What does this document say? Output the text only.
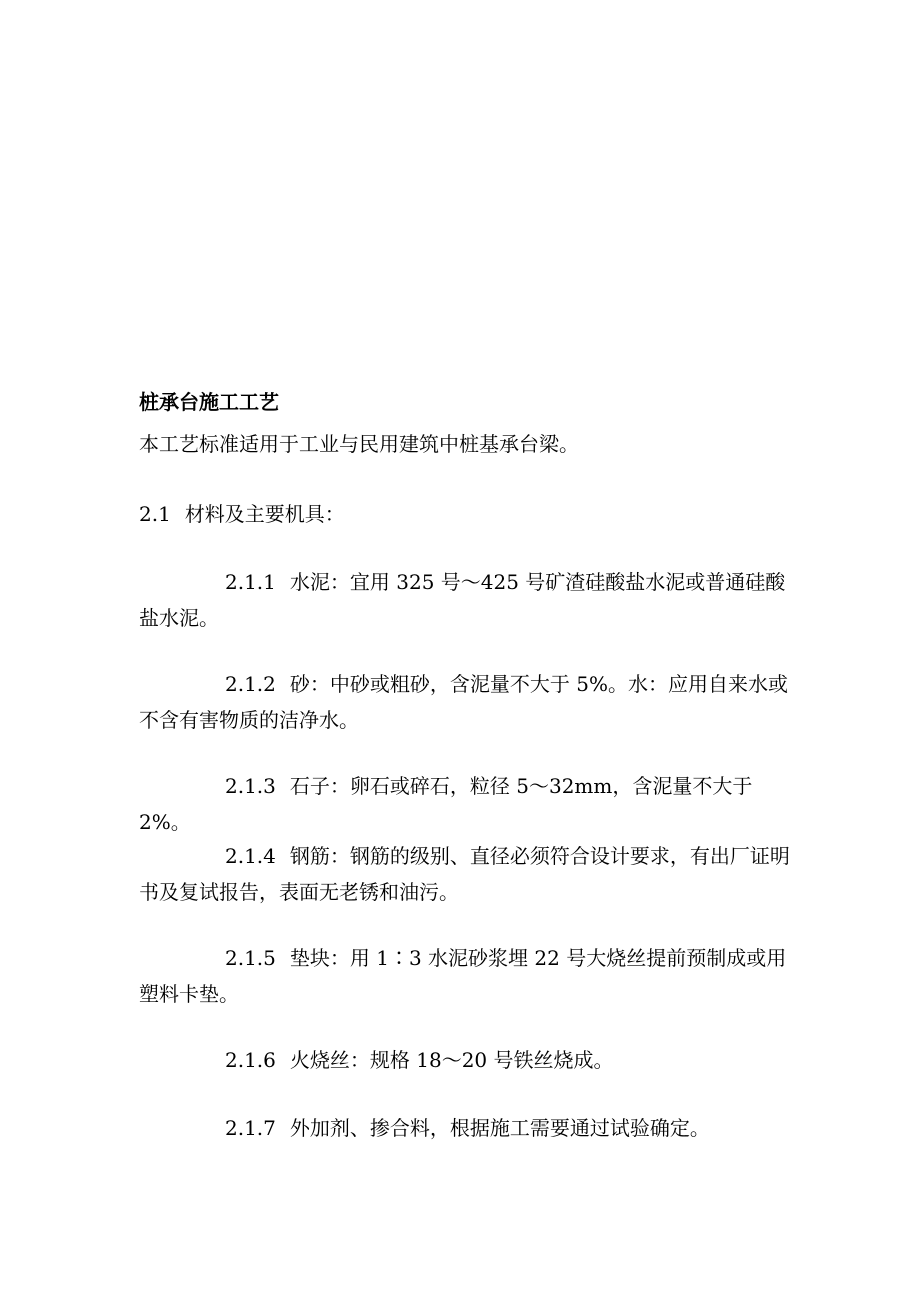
桩承台施工工艺

本工艺标准适用于工业与民用建筑中桩基承台梁。

2.1 材料及主要机具：

2.1.1 水泥：宜用 325 号～425 号矿渣硅酸盐水泥或普通硅酸盐水泥。

2.1.2 砂：中砂或粗砂，含泥量不大于 5%。水：应用自来水或不含有害物质的洁净水。

2.1.3 石子：卵石或碎石，粒径 5～32mm，含泥量不大于 2%。

2.1.4 钢筋：钢筋的级别、直径必须符合设计要求，有出厂证明书及复试报告，表面无老锈和油污。

2.1.5 垫块：用 1∶3 水泥砂浆埋 22 号大烧丝提前预制成或用塑料卡垫。

2.1.6 火烧丝：规格 18～20 号铁丝烧成。

2.1.7 外加剂、掺合料，根据施工需要通过试验确定。
